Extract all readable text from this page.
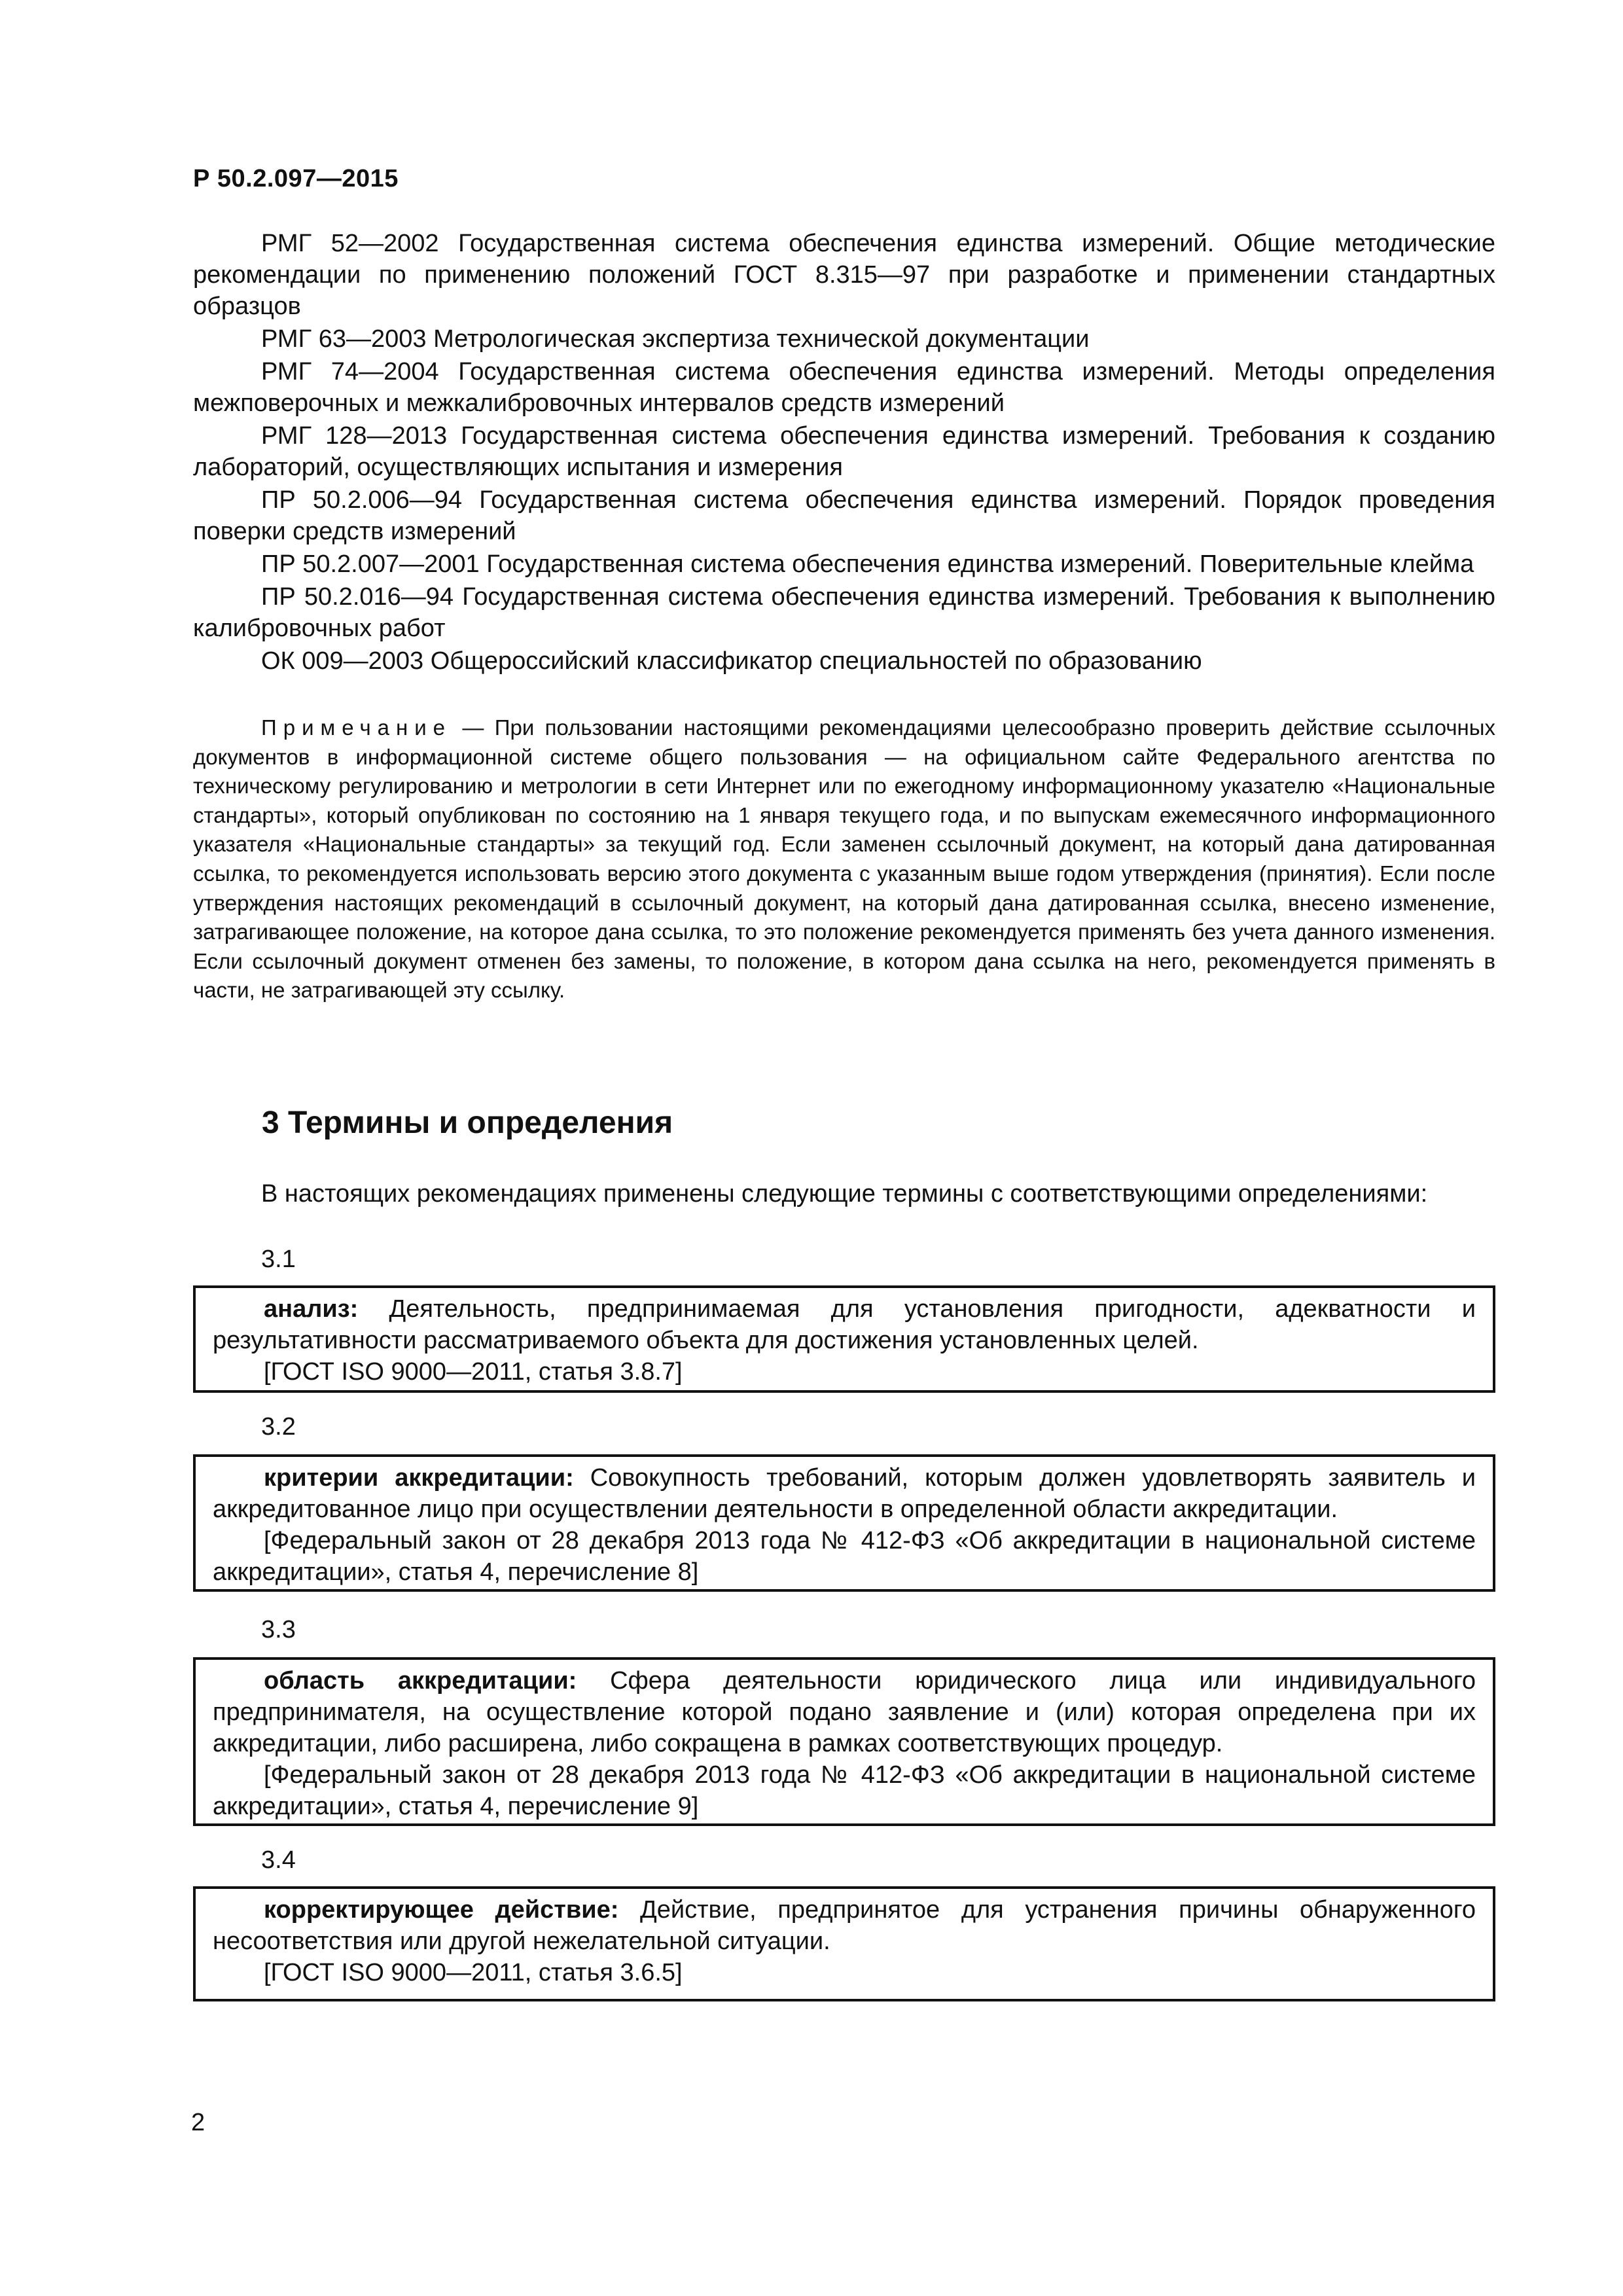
Р 50.2.097—2015

РМГ 52—2002 Государственная система обеспечения единства измерений. Общие методические рекомендации по применению положений ГОСТ 8.315—97 при разработке и применении стандартных образцов

РМГ 63—2003 Метрологическая экспертиза технической документации

РМГ 74—2004 Государственная система обеспечения единства измерений. Методы определения межповерочных и межкалибровочных интервалов средств измерений

РМГ 128—2013 Государственная система обеспечения единства измерений. Требования к созданию лабораторий, осуществляющих испытания и измерения

ПР 50.2.006—94 Государственная система обеспечения единства измерений. Порядок проведения поверки средств измерений

ПР 50.2.007—2001 Государственная система обеспечения единства измерений. Поверительные клейма

ПР 50.2.016—94 Государственная система обеспечения единства измерений. Требования к выполнению калибровочных работ

ОК 009—2003 Общероссийский классификатор специальностей по образованию

Примечание — При пользовании настоящими рекомендациями целесообразно проверить действие ссылочных документов в информационной системе общего пользования — на официальном сайте Федерального агентства по техническому регулированию и метрологии в сети Интернет или по ежегодному информационному указателю «Национальные стандарты», который опубликован по состоянию на 1 января текущего года, и по выпускам ежемесячного информационного указателя «Национальные стандарты» за текущий год. Если заменен ссылочный документ, на который дана датированная ссылка, то рекомендуется использовать версию этого документа с указанным выше годом утверждения (принятия). Если после утверждения настоящих рекомендаций в ссылочный документ, на который дана датированная ссылка, внесено изменение, затрагивающее положение, на которое дана ссылка, то это положение рекомендуется применять без учета данного изменения. Если ссылочный документ отменен без замены, то положение, в котором дана ссылка на него, рекомендуется применять в части, не затрагивающей эту ссылку.
3 Термины и определения
В настоящих рекомендациях применены следующие термины с соответствующими определениями:
3.1
анализ: Деятельность, предпринимаемая для установления пригодности, адекватности и результативности рассматриваемого объекта для достижения установленных целей.
[ГОСТ ISO 9000—2011, статья 3.8.7]
3.2
критерии аккредитации: Совокупность требований, которым должен удовлетворять заявитель и аккредитованное лицо при осуществлении деятельности в определенной области аккредитации.
[Федеральный закон от 28 декабря 2013 года № 412-ФЗ «Об аккредитации в национальной системе аккредитации», статья 4, перечисление 8]
3.3
область аккредитации: Сфера деятельности юридического лица или индивидуального предпринимателя, на осуществление которой подано заявление и (или) которая определена при их аккредитации, либо расширена, либо сокращена в рамках соответствующих процедур.
[Федеральный закон от 28 декабря 2013 года № 412-ФЗ «Об аккредитации в национальной системе аккредитации», статья 4, перечисление 9]
3.4
корректирующее действие: Действие, предпринятое для устранения причины обнаруженного несоответствия или другой нежелательной ситуации.
[ГОСТ ISO 9000—2011, статья 3.6.5]
2
